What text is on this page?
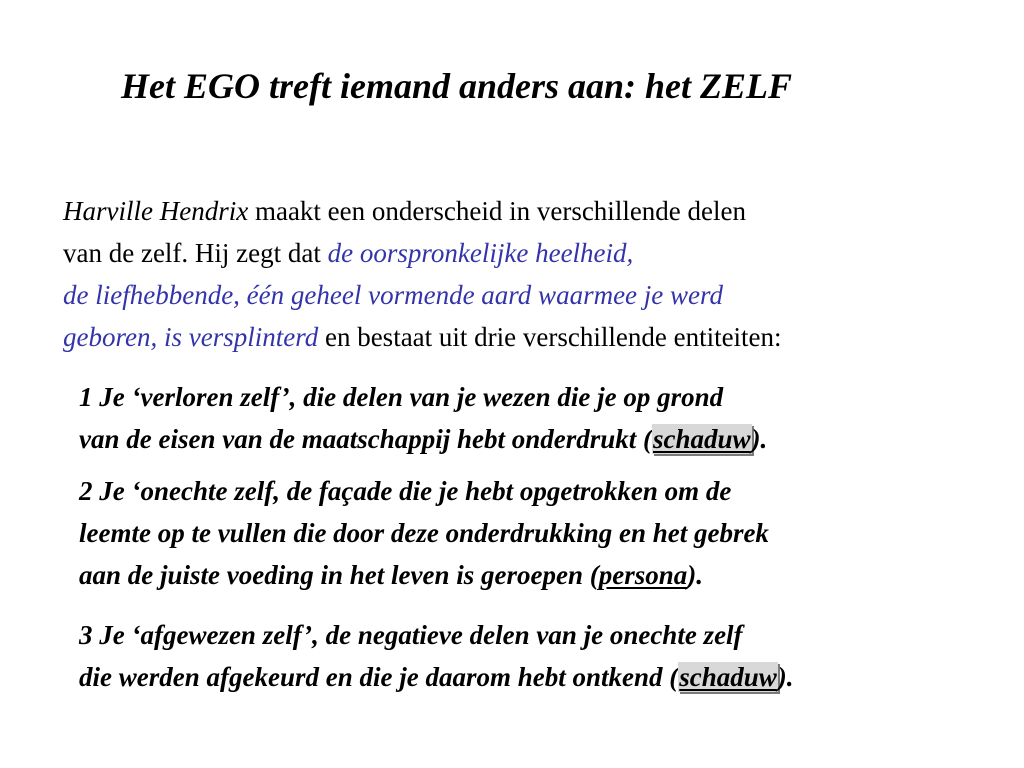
Het EGO treft iemand anders aan: het ZELF
Harville Hendrix maakt een onderscheid in verschillende delen
van de zelf. Hij zegt dat de oorspronkelijke heelheid,
de liefhebbende, één geheel vormende aard waarmee je werd
geboren, is versplinterd en bestaat uit drie verschillende entiteiten:
1 Je ‘verloren zelf’, die delen van je wezen die je op grond
van de eisen van de maatschappij hebt onderdrukt (schaduw).
2 Je ‘onechte zelf, de façade die je hebt opgetrokken om de
leemte op te vullen die door deze onderdrukking en het gebrek
aan de juiste voeding in het leven is geroepen (persona).
3 Je ‘afgewezen zelf’, de negatieve delen van je onechte zelf
die werden afgekeurd en die je daarom hebt ontkend (schaduw).
